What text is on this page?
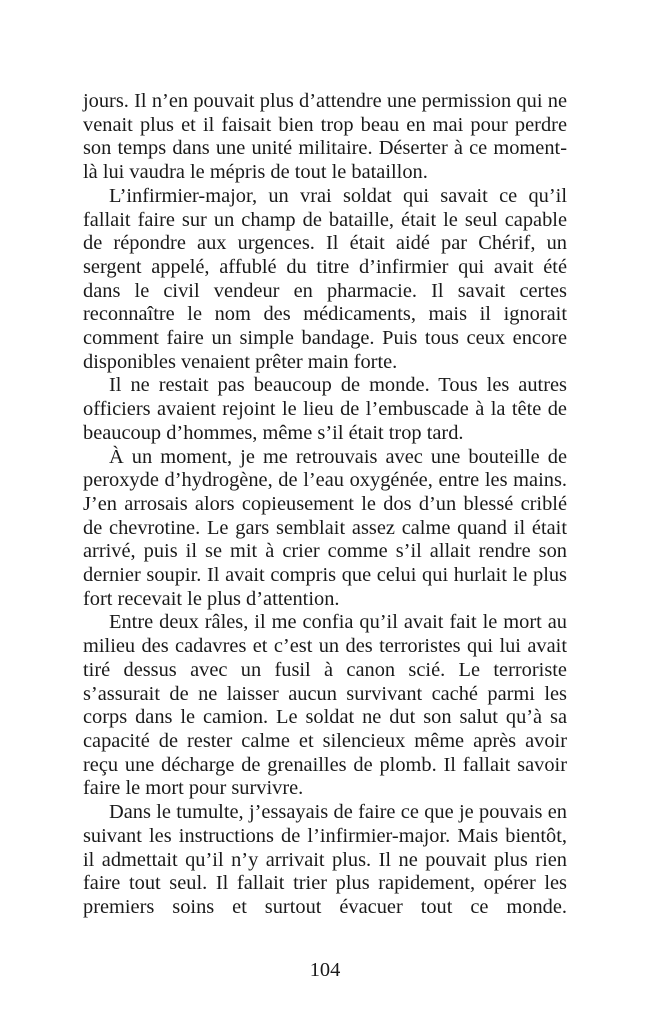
jours. Il n’en pouvait plus d’attendre une permission qui ne venait plus et il faisait bien trop beau en mai pour perdre son temps dans une unité militaire. Déserter à ce moment-là lui vaudra le mépris de tout le bataillon.

L’infirmier-major, un vrai soldat qui savait ce qu’il fallait faire sur un champ de bataille, était le seul capable de répondre aux urgences. Il était aidé par Chérif, un sergent appelé, affublé du titre d’infirmier qui avait été dans le civil vendeur en pharmacie. Il savait certes reconnaître le nom des médicaments, mais il ignorait comment faire un simple bandage. Puis tous ceux encore disponibles venaient prêter main forte.

Il ne restait pas beaucoup de monde. Tous les autres officiers avaient rejoint le lieu de l’embuscade à la tête de beaucoup d’hommes, même s’il était trop tard.

À un moment, je me retrouvais avec une bouteille de peroxyde d’hydrogène, de l’eau oxygénée, entre les mains. J’en arrosais alors copieusement le dos d’un blessé criblé de chevrotine. Le gars semblait assez calme quand il était arrivé, puis il se mit à crier comme s’il allait rendre son dernier soupir. Il avait compris que celui qui hurlait le plus fort recevait le plus d’attention.

Entre deux râles, il me confia qu’il avait fait le mort au milieu des cadavres et c’est un des terroristes qui lui avait tiré dessus avec un fusil à canon scié. Le terroriste s’assurait de ne laisser aucun survivant caché parmi les corps dans le camion. Le soldat ne dut son salut qu’à sa capacité de rester calme et silencieux même après avoir reçu une décharge de grenailles de plomb. Il fallait savoir faire le mort pour survivre.

Dans le tumulte, j’essayais de faire ce que je pouvais en suivant les instructions de l’infirmier-major. Mais bientôt, il admettait qu’il n’y arrivait plus. Il ne pouvait plus rien faire tout seul. Il fallait trier plus rapidement, opérer les premiers soins et surtout évacuer tout ce monde.

104
